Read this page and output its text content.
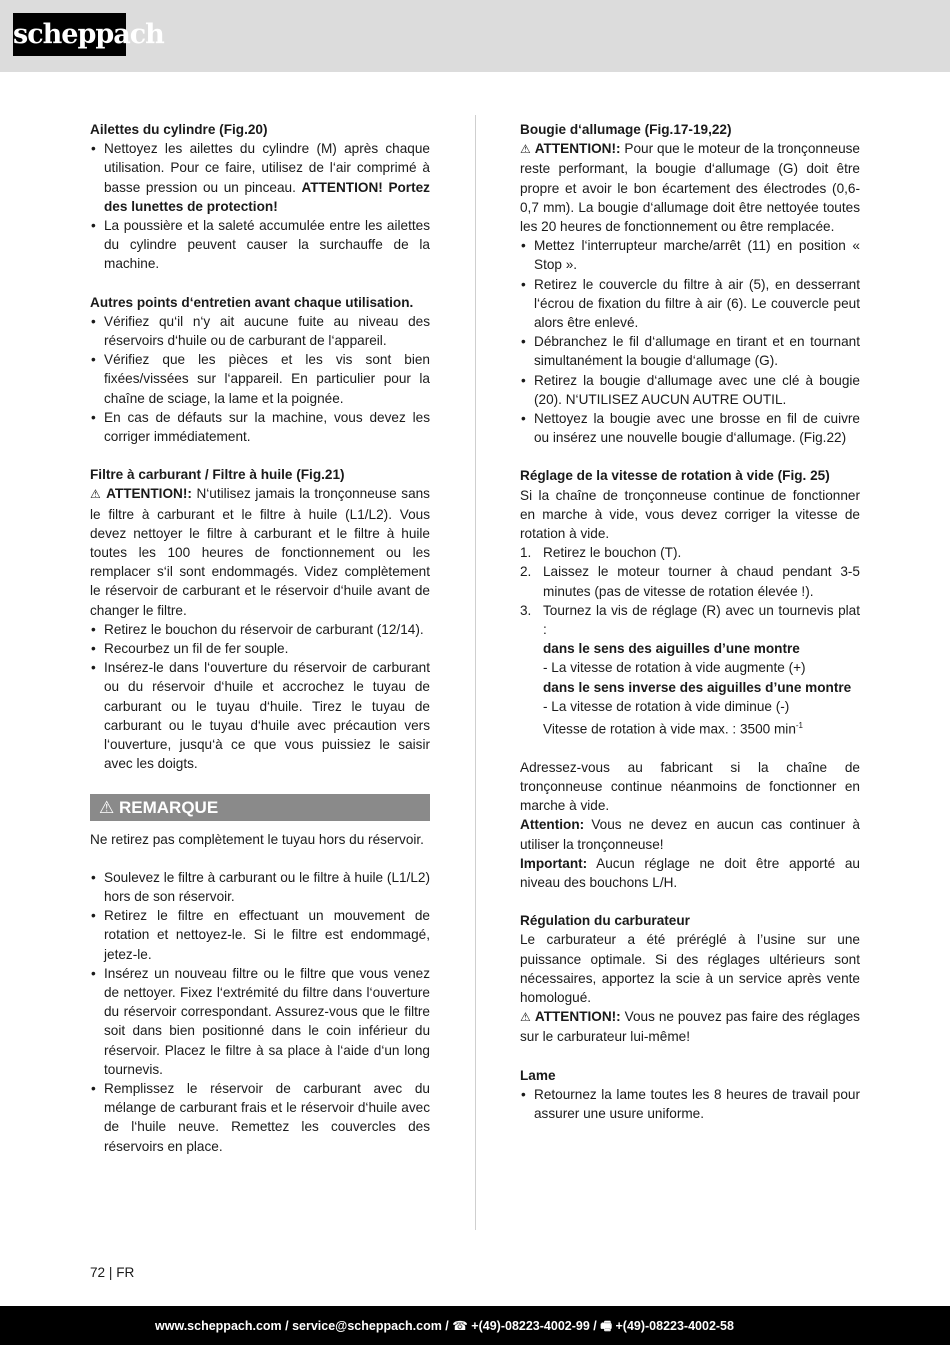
scheppach
Ailettes du cylindre (Fig.20)
• Nettoyez les ailettes du cylindre (M) après chaque utilisation. Pour ce faire, utilisez de l‘air comprimé à basse pression ou un pinceau. ATTENTION! Portez des lunettes de protection!
• La poussière et la saleté accumulée entre les ailettes du cylindre peuvent causer la surchauffe de la machine.
Autres points d‘entretien avant chaque utilisation.
• Vérifiez qu‘il n‘y ait aucune fuite au niveau des réservoirs d‘huile ou de carburant de l‘appareil.
• Vérifiez que les pièces et les vis sont bien fixées/vissées sur l‘appareil. En particulier pour la chaîne de sciage, la lame et la poignée.
• En cas de défauts sur la machine, vous devez les corriger immédiatement.
Filtre à carburant / Filtre à huile (Fig.21)

⚠ ATTENTION!: N‘utilisez jamais la tronçonneuse sans le filtre à carburant et le filtre à huile (L1/L2). Vous devez nettoyer le filtre à carburant et le filtre à huile toutes les 100 heures de fonctionnement ou les remplacer s‘il sont endommagés. Videz complètement le réservoir de carburant et le réservoir d‘huile avant de changer le filtre.

• Retirez le bouchon du réservoir de carburant (12/14).
• Recourbez un fil de fer souple.
• Insérez-le dans l‘ouverture du réservoir de carburant ou du réservoir d‘huile et accrochez le tuyau de carburant ou le tuyau d‘huile. Tirez le tuyau de carburant ou le tuyau d‘huile avec précaution vers l‘ouverture, jusqu‘à ce que vous puissiez le saisir avec les doigts.
⚠ REMARQUE

Ne retirez pas complètement le tuyau hors du réservoir.

• Soulevez le filtre à carburant ou le filtre à huile (L1/L2) hors de son réservoir.
• Retirez le filtre en effectuant un mouvement de rotation et nettoyez-le. Si le filtre est endommagé, jetez-le.
• Insérez un nouveau filtre ou le filtre que vous venez de nettoyer. Fixez l‘extrémité du filtre dans l‘ouverture du réservoir correspondant. Assurez-vous que le filtre soit dans bien positionné dans le coin inférieur du réservoir. Placez le filtre à sa place à l‘aide d‘un long tournevis.
• Remplissez le réservoir de carburant avec du mélange de carburant frais et le réservoir d‘huile avec de l‘huile neuve. Remettez les couvercles des réservoirs en place.
Bougie d‘allumage (Fig.17-19,22)

⚠ ATTENTION!: Pour que le moteur de la tronçonneuse reste performant, la bougie d‘allumage (G) doit être propre et avoir le bon écartement des électrodes (0,6-0,7 mm). La bougie d‘allumage doit être nettoyée toutes les 20 heures de fonctionnement ou être remplacée.

• Mettez l‘interrupteur marche/arrêt (11) en position « Stop ».
• Retirez le couvercle du filtre à air (5), en desserrant l‘écrou de fixation du filtre à air (6). Le couvercle peut alors être enlevé.
• Débranchez le fil d‘allumage en tirant et en tournant simultanément la bougie d‘allumage (G).
• Retirez la bougie d‘allumage avec une clé à bougie (20). N‘UTILISEZ AUCUN AUTRE OUTIL.
• Nettoyez la bougie avec une brosse en fil de cuivre ou insérez une nouvelle bougie d‘allumage. (Fig.22)
Réglage de la vitesse de rotation à vide (Fig. 25)

Si la chaîne de tronçonneuse continue de fonctionner en marche à vide, vous devez corriger la vitesse de rotation à vide.

1. Retirez le bouchon (T).
2. Laissez le moteur tourner à chaud pendant 3-5 minutes (pas de vitesse de rotation élevée !).
3. Tournez la vis de réglage (R) avec un tournevis plat :
dans le sens des aiguilles d’une montre
- La vitesse de rotation à vide augmente (+)
dans le sens inverse des aiguilles d’une montre
- La vitesse de rotation à vide diminue (-)
Vitesse de rotation à vide max. : 3500 $\min^{-1}$

Adressez-vous au fabricant si la chaîne de tronçonneuse continue néanmoins de fonctionner en marche à vide.

Attention: Vous ne devez en aucun cas continuer à utiliser la tronçonneuse!

Important: Aucun réglage ne doit être apporté au niveau des bouchons L/H.

Régulation du carburateur

Le carburateur a été préréglé à l’usine sur une puissance optimale. Si des réglages ultérieurs sont nécessaires, apportez la scie à un service après vente homologué.

⚠ ATTENTION!: Vous ne pouvez pas faire des réglages sur le carburateur lui-même!

Lame
• Retournez la lame toutes les 8 heures de travail pour assurer une usure uniforme.
72 | FR
www.scheppach.com / service@scheppach.com / ☎ +(49)-08223-4002-99 / 🖷 +(49)-08223-4002-58
